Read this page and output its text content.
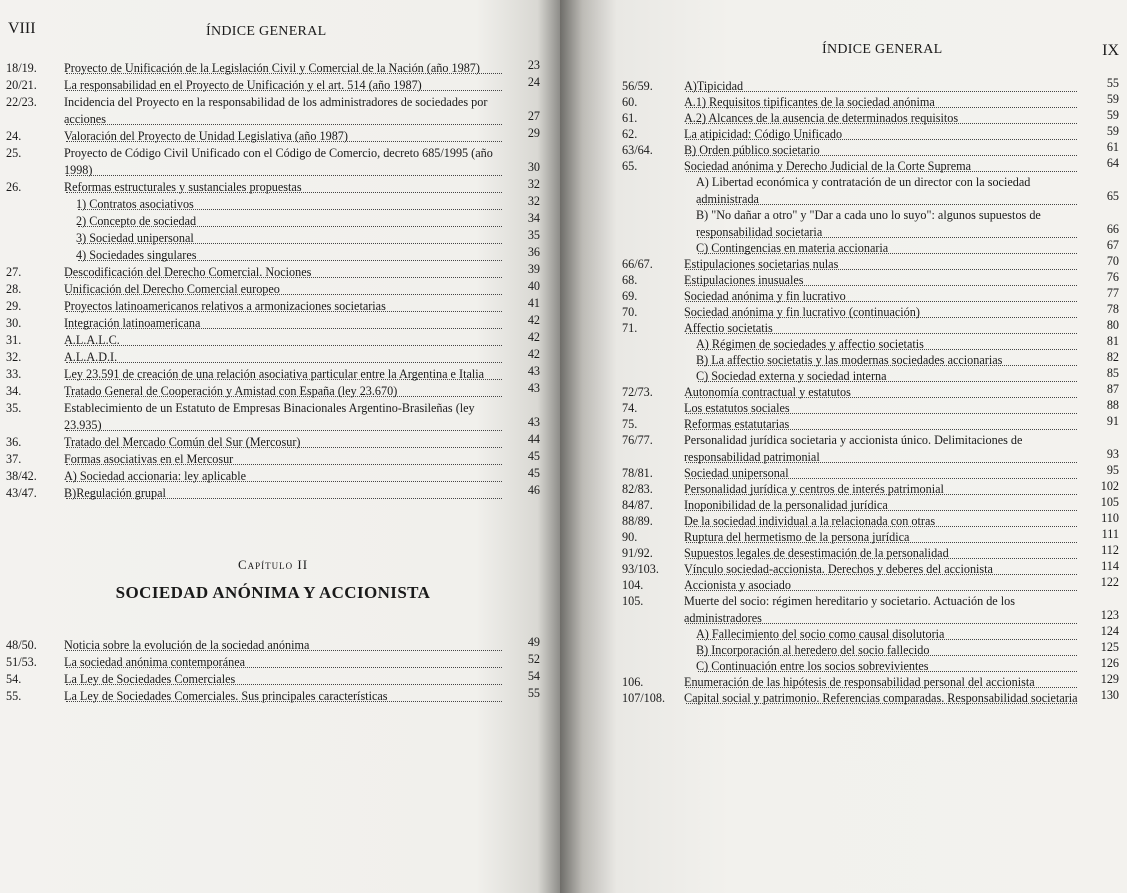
VIII	ÍNDICE GENERAL
18/19. Proyecto de Unificación de la Legislación Civil y Comercial de la Nación (año 1987)	23
20/21. La responsabilidad en el Proyecto de Unificación y el art. 514 (año 1987)	24
22/23. Incidencia del Proyecto en la responsabilidad de los administradores de sociedades por acciones	27
24.	Valoración del Proyecto de Unidad Legislativa (año 1987)	29
25.	Proyecto de Código Civil Unificado con el Código de Comercio, decreto 685/1995 (año 1998)	30
26.	Reformas estructurales y sustanciales propuestas	32
1) Contratos asociativos	32
2) Concepto de sociedad	34
3) Sociedad unipersonal	35
4) Sociedades singulares	36
27.	Descodificación del Derecho Comercial. Nociones	39
28.	Unificación del Derecho Comercial europeo	40
29.	Proyectos latinoamericanos relativos a armonizaciones societarias	41
30.	Integración latinoamericana	42
31.	A.L.A.L.C.	42
32.	A.L.A.D.I.	42
33.	Ley 23.591 de creación de una relación asociativa particular entre la Argentina e Italia	43
34.	Tratado General de Cooperación y Amistad con España (ley 23.670)	43
35.	Establecimiento de un Estatuto de Empresas Binacionales Argentino-Brasileñas (ley 23.935)	43
36.	Tratado del Mercado Común del Sur (Mercosur)	44
37.	Formas asociativas en el Mercosur	45
38/42. A) Sociedad accionaria: ley aplicable	45
43/47. B)Regulación grupal	46
Capítulo II
SOCIEDAD ANÓNIMA Y ACCIONISTA
48/50. Noticia sobre la evolución de la sociedad anónima	49
51/53. La sociedad anónima contemporánea	52
54.	La Ley de Sociedades Comerciales	54
55.	La Ley de Sociedades Comerciales. Sus principales características	55
ÍNDICE GENERAL	IX
56/59.	A)Tipicidad	55
60.	A.1) Requisitos tipificantes de la sociedad anónima	59
61.	A.2) Alcances de la ausencia de determinados requisitos	59
62.	La atipicidad: Código Unificado	59
63/64.	B) Orden público societario	61
65.	Sociedad anónima y Derecho Judicial de la Corte Suprema	64
A) Libertad económica y contratación de un director con la sociedad administrada	65
B) "No dañar a otro" y "Dar a cada uno lo suyo": algunos supuestos de responsabilidad societaria	66
C) Contingencias en materia accionaria	67
66/67.	Estipulaciones societarias nulas	70
68.	Estipulaciones inusuales	76
69.	Sociedad anónima y fin lucrativo	77
70.	Sociedad anónima y fin lucrativo (continuación)	78
71.	Affectio societatis	80
A) Régimen de sociedades y affectio societatis	81
B) La affectio societatis y las modernas sociedades accionarias	82
C) Sociedad externa y sociedad interna	85
72/73.	Autonomía contractual y estatutos	87
74.	Los estatutos sociales	88
75.	Reformas estatutarias	91
76/77.	Personalidad jurídica societaria y accionista único. Delimitaciones de responsabilidad patrimonial	93
78/81.	Sociedad unipersonal	95
82/83.	Personalidad jurídica y centros de interés patrimonial	102
84/87.	Inoponibilidad de la personalidad jurídica	105
88/89.	De la sociedad individual a la relacionada con otras	110
90.	Ruptura del hermetismo de la persona jurídica	111
91/92.	Supuestos legales de desestimación de la personalidad	112
93/103. Vínculo sociedad-accionista. Derechos y deberes del accionista	114
104.	Accionista y asociado	122
105.	Muerte del socio: régimen hereditario y societario. Actuación de los administradores	123
A) Fallecimiento del socio como causal disolutoria	124
B) Incorporación al heredero del socio fallecido	125
C) Continuación entre los socios sobrevivientes	126
106.	Enumeración de las hipótesis de responsabilidad personal del accionista	129
107/108. Capital social y patrimonio. Referencias comparadas. Responsabilidad societaria 130
